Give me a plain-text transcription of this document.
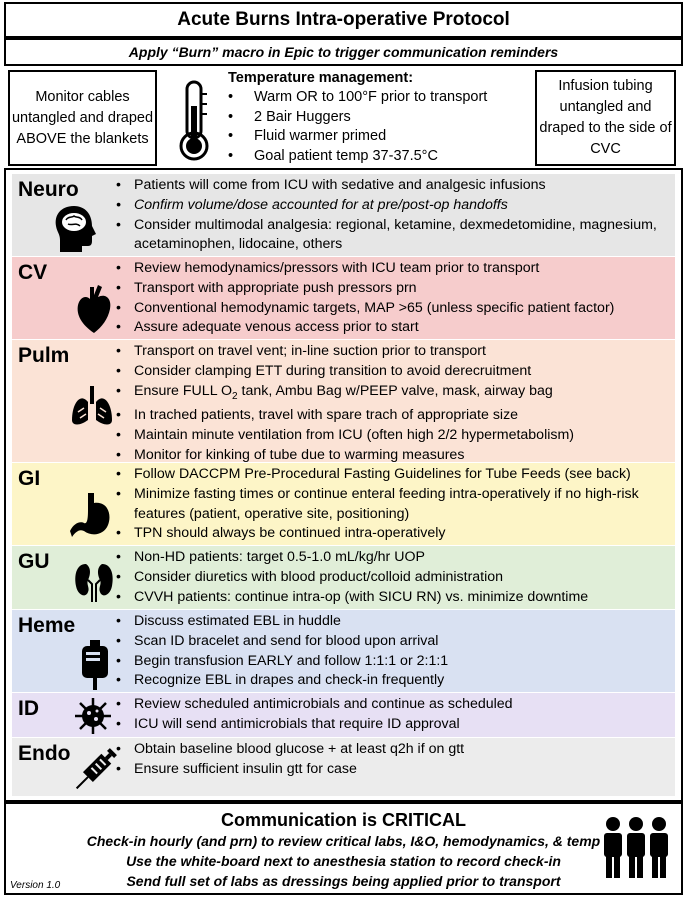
Acute Burns Intra-operative Protocol
Apply “Burn” macro in Epic to trigger communication reminders
Monitor cables untangled and draped ABOVE the blankets
Temperature management:
• Warm OR to 100°F prior to transport
• 2 Bair Huggers
• Fluid warmer primed
• Goal patient temp 37-37.5°C
Infusion tubing untangled and draped to the side of CVC
Neuro	• Patients will come from ICU with sedative and analgesic infusions
• Confirm volume/dose accounted for at pre/post-op handoffs
• Consider multimodal analgesia: regional, ketamine, dexmedetomidine, magnesium, acetaminophen, lidocaine, others
CV	• Review hemodynamics/pressors with ICU team prior to transport
• Transport with appropriate push pressors prn
• Conventional hemodynamic targets, MAP >65 (unless specific patient factor)
• Assure adequate venous access prior to start
Pulm	• Transport on travel vent; in-line suction prior to transport
• Consider clamping ETT during transition to avoid derecruitment
• Ensure FULL $O_2$ tank, Ambu Bag w/PEEP valve, mask, airway bag
• In trached patients, travel with spare trach of appropriate size
• Maintain minute ventilation from ICU (often high 2/2 hypermetabolism)
• Monitor for kinking of tube due to warming measures
GI	• Follow DACCPM Pre-Procedural Fasting Guidelines for Tube Feeds (see back)
• Minimize fasting times or continue enteral feeding intra-operatively if no high-risk features (patient, operative site, positioning)
• TPN should always be continued intra-operatively
GU	• Non-HD patients: target 0.5-1.0 mL/kg/hr UOP
• Consider diuretics with blood product/colloid administration
• CVVH patients: continue intra-op (with SICU RN) vs. minimize downtime
Heme	• Discuss estimated EBL in huddle
• Scan ID bracelet and send for blood upon arrival
• Begin transfusion EARLY and follow 1:1:1 or 2:1:1
• Recognize EBL in drapes and check-in frequently
ID	• Review scheduled antimicrobials and continue as scheduled
• ICU will send antimicrobials that require ID approval
Endo	• Obtain baseline blood glucose + at least q2h if on gtt
• Ensure sufficient insulin gtt for case
Communication is CRITICAL
Check-in hourly (and prn) to review critical labs, I&O, hemodynamics, & temp
Use the white-board next to anesthesia station to record check-in
Send full set of labs as dressings being applied prior to transport
Version 1.0
